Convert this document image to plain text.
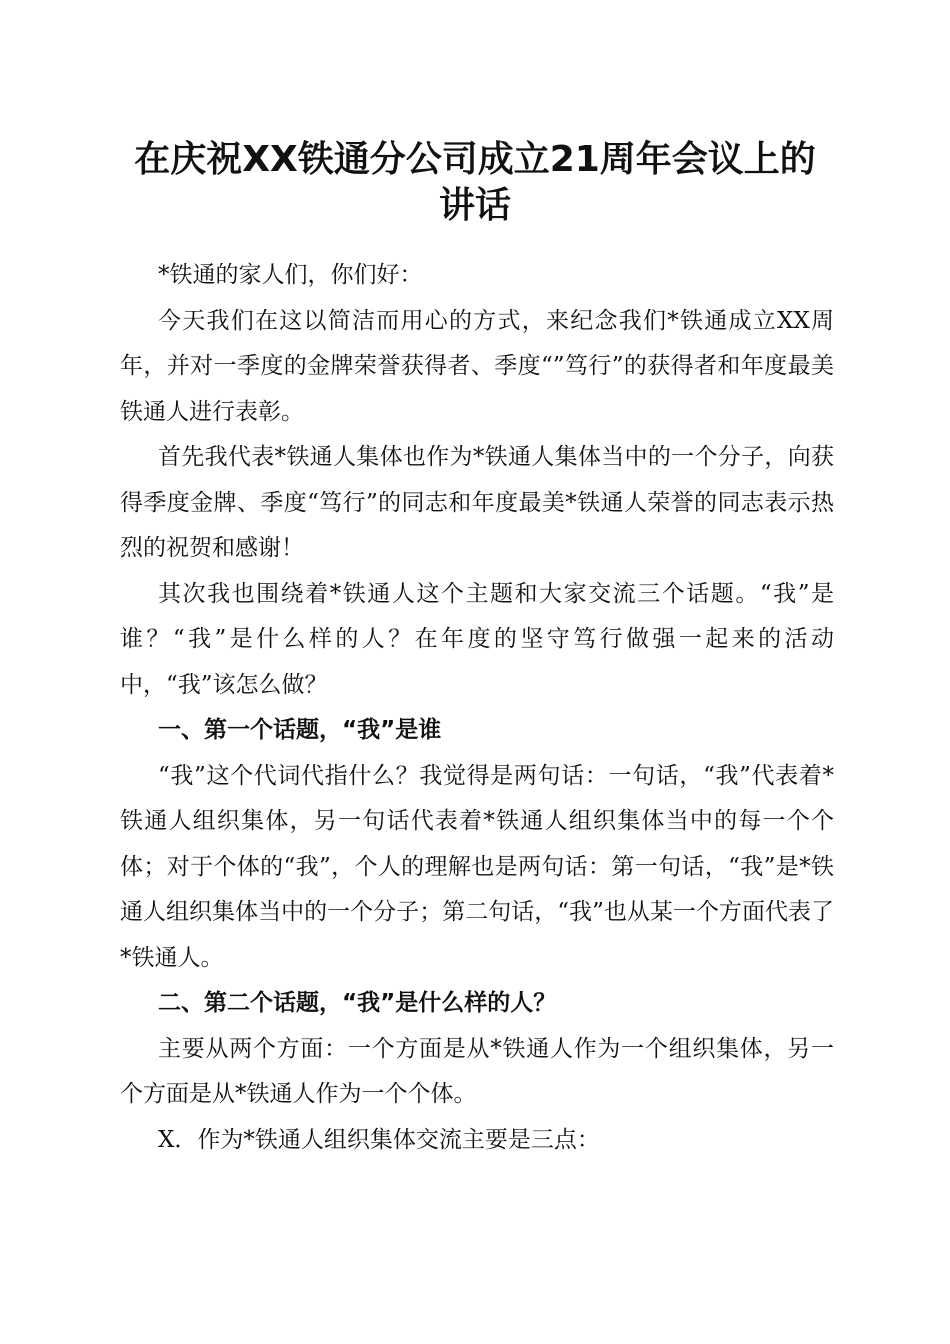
在庆祝XX铁通分公司成立21周年会议上的
讲话

*铁通的家人们，你们好：

今天我们在这以简洁而用心的方式，来纪念我们*铁通成立XX周年，并对一季度的金牌荣誉获得者、季度“”笃行”的获得者和年度最美铁通人进行表彰。

首先我代表*铁通人集体也作为*铁通人集体当中的一个分子，向获得季度金牌、季度“笃行”的同志和年度最美*铁通人荣誉的同志表示热烈的祝贺和感谢！

其次我也围绕着*铁通人这个主题和大家交流三个话题。“我”是谁？“我”是什么样的人？在年度的坚守笃行做强一起来的活动中，“我”该怎么做？

一、第一个话题，“我”是谁

“我”这个代词代指什么？我觉得是两句话：一句话，“我”代表着*铁通人组织集体，另一句话代表着*铁通人组织集体当中的每一个个体；对于个体的“我”，个人的理解也是两句话：第一句话，“我”是*铁通人组织集体当中的一个分子；第二句话，“我”也从某一个方面代表了*铁通人。

二、第二个话题，“我”是什么样的人？

主要从两个方面：一个方面是从*铁通人作为一个组织集体，另一个方面是从*铁通人作为一个个体。

X．作为*铁通人组织集体交流主要是三点：
